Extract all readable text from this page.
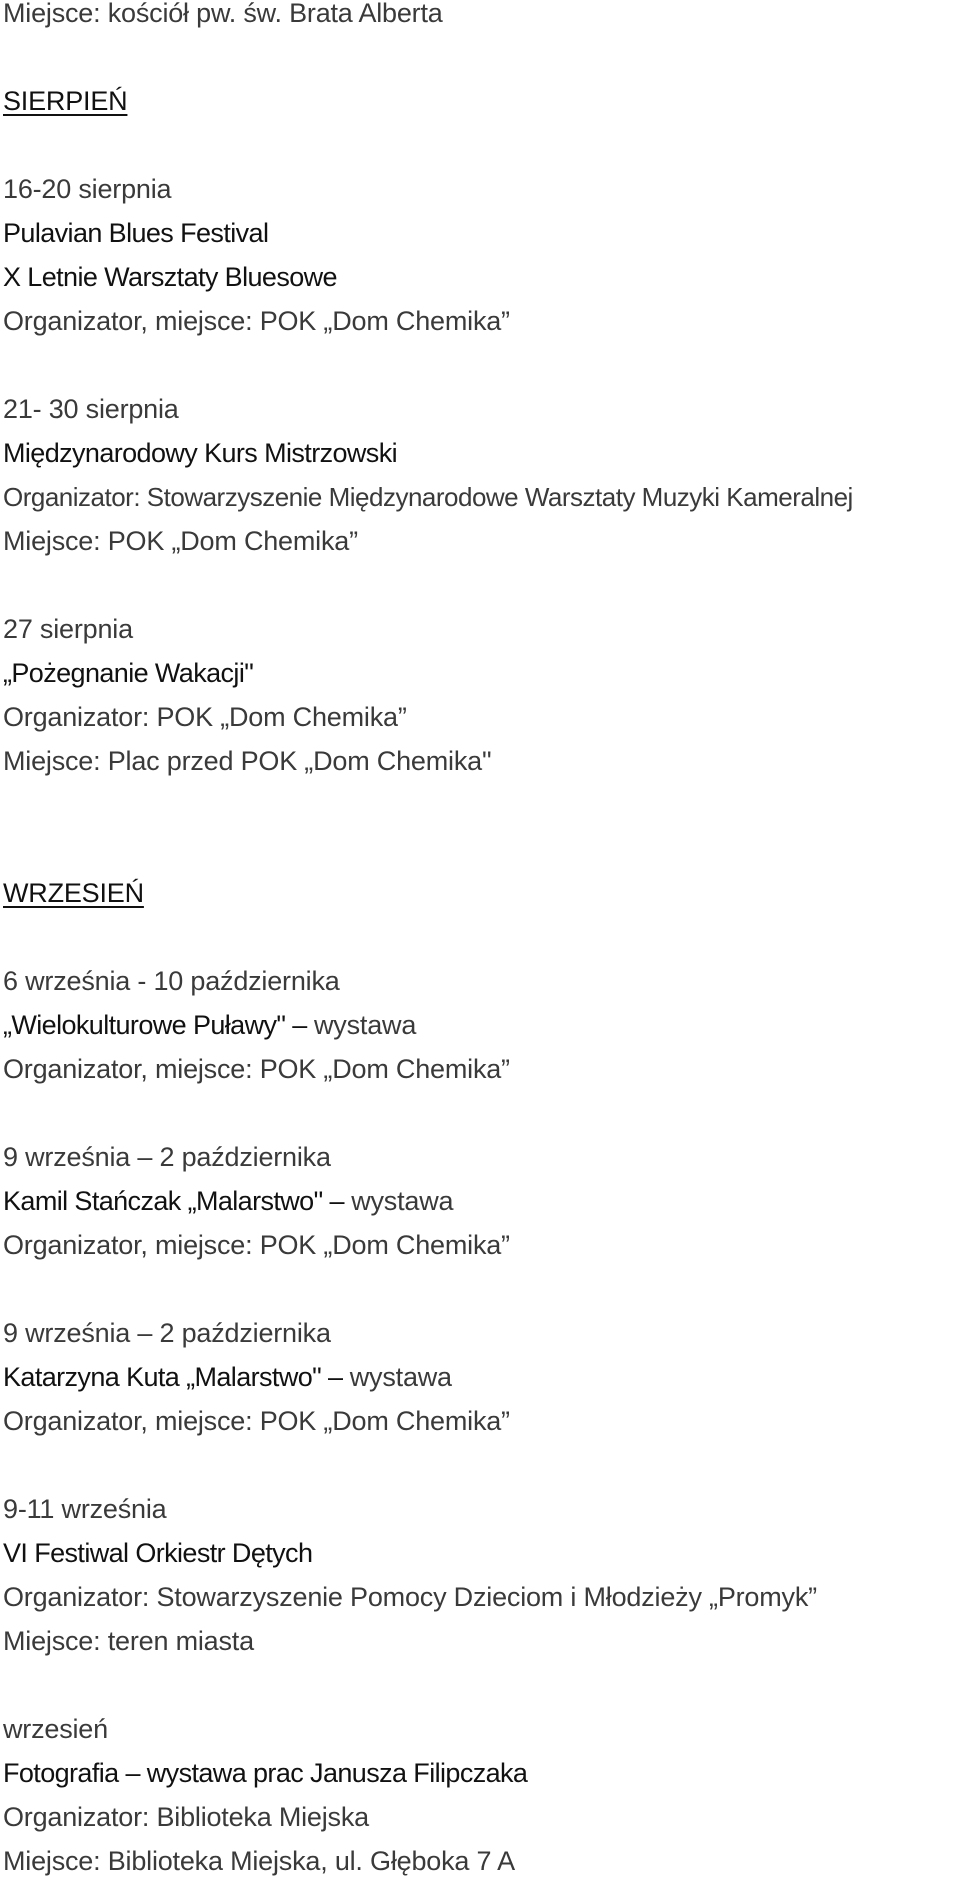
Miejsce: kościół pw. św. Brata Alberta
SIERPIEŃ
16-20 sierpnia
Pulavian Blues Festival
X Letnie Warsztaty Bluesowe
Organizator, miejsce: POK „Dom Chemika”
21- 30 sierpnia
Międzynarodowy Kurs Mistrzowski
Organizator: Stowarzyszenie Międzynarodowe Warsztaty Muzyki Kameralnej
Miejsce: POK „Dom Chemika”
27 sierpnia
„Pożegnanie Wakacji"
Organizator: POK „Dom Chemika”
Miejsce: Plac przed POK „Dom Chemika"
WRZESIEŃ
6 września - 10 października
„Wielokulturowe Puławy" – wystawa
Organizator, miejsce: POK „Dom Chemika”
9 września – 2 października
Kamil Stańczak „Malarstwo" – wystawa
Organizator, miejsce: POK „Dom Chemika”
9 września – 2 października
Katarzyna Kuta „Malarstwo" – wystawa
Organizator, miejsce: POK „Dom Chemika”
9-11 września
VI Festiwal Orkiestr Dętych
Organizator: Stowarzyszenie Pomocy Dzieciom i Młodzieży „Promyk”
Miejsce: teren miasta
wrzesień
Fotografia – wystawa prac Janusza Filipczaka
Organizator: Biblioteka Miejska
Miejsce: Biblioteka Miejska, ul. Głęboka 7 A
